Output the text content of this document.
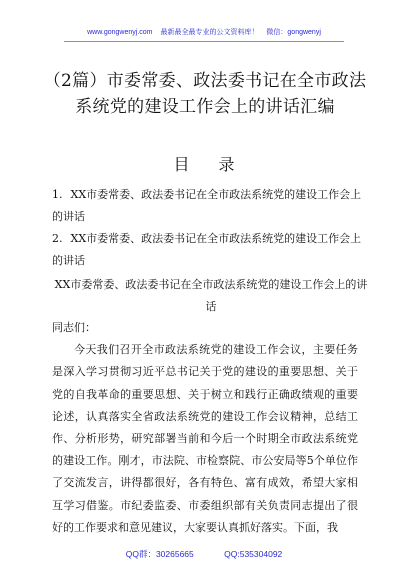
www.gongwenyj.com 最新最全最专业的公文资料库！ 微信：gongwenyj
（2篇）市委常委、政法委书记在全市政法系统党的建设工作会上的讲话汇编
目 录

1. XX市委常委、政法委书记在全市政法系统党的建设工作会上的讲话

2. XX市委常委、政法委书记在全市政法系统党的建设工作会上的讲话

XX市委常委、政法委书记在全市政法系统党的建设工作会上的讲话

同志们：

今天我们召开全市政法系统党的建设工作会议，主要任务是深入学习贯彻习近平总书记关于党的建设的重要思想、关于党的自我革命的重要思想、关于树立和践行正确政绩观的重要论述，认真落实全省政法系统党的建设工作会议精神，总结工作、分析形势，研究部署当前和今后一个时期全市政法系统党的建设工作。刚才，市法院、市检察院、市公安局等5个单位作了交流发言，讲得都很好，各有特色、富有成效，希望大家相互学习借鉴。市纪委监委、市委组织部有关负责同志提出了很好的工作要求和意见建议，大家要认真抓好落实。下面，我

QQ群：30265665	QQ:535304092
